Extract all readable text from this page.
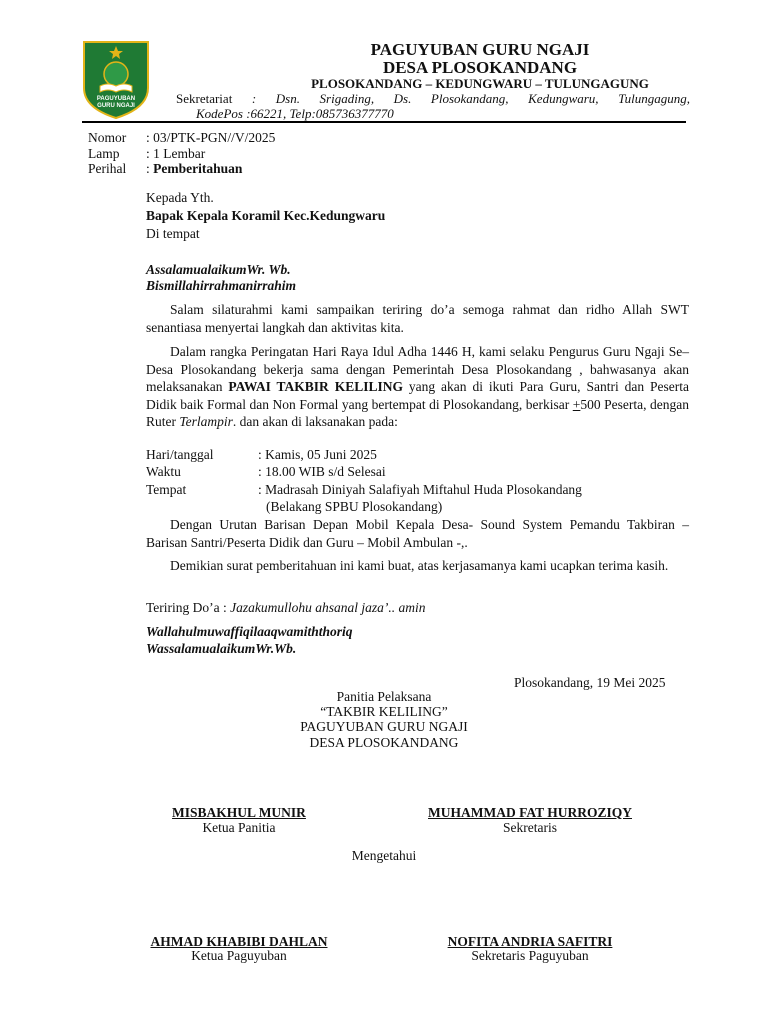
PAGUYUBAN
GURU NGAJI
PAGUYUBAN GURU NGAJI
DESA PLOSOKANDANG
PLOSOKANDANG – KEDUNGWARU – TULUNGAGUNG
Sekretariat : Dsn. Srigading, Ds. Plosokandang, Kedungwaru, Tulungagung,
KodePos :66221, Telp:085736377770
Nomor : 03/PTK-PGN//V/2025
Lamp : 1 Lembar
Perihal : Pemberitahuan
Kepada Yth.
Bapak Kepala Koramil Kec.Kedungwaru
Di tempat
AssalamualaikumWr. Wb.
Bismillahirrahmanirrahim
Salam silaturahmi kami sampaikan teriring do’a semoga rahmat dan ridho Allah SWT senantiasa menyertai langkah dan aktivitas kita.
Dalam rangka Peringatan Hari Raya Idul Adha 1446 H, kami selaku Pengurus Guru Ngaji Se–Desa Plosokandang bekerja sama dengan Pemerintah Desa Plosokandang , bahwasanya akan melaksanakan PAWAI TAKBIR KELILING yang akan di ikuti Para Guru, Santri dan Peserta Didik baik Formal dan Non Formal yang bertempat di Plosokandang, berkisar +500 Peserta, dengan Ruter Terlampir. dan akan di laksanakan pada:
Hari/tanggal	: Kamis, 05 Juni 2025
Waktu	: 18.00 WIB s/d Selesai
Tempat	: Madrasah Diniyah Salafiyah Miftahul Huda Plosokandang
(Belakang SPBU Plosokandang)
Dengan Urutan Barisan Depan Mobil Kepala Desa- Sound System Pemandu Takbiran – Barisan Santri/Peserta Didik dan Guru – Mobil Ambulan -,.
Demikian surat pemberitahuan ini kami buat, atas kerjasamanya kami ucapkan terima kasih.
Teriring Do’a : Jazakumullohu ahsanal jaza’.. amin
Wallahulmuwaffiqilaaqwamiththoriq
WassalamualaikumWr.Wb.
Plosokandang, 19 Mei 2025
Panitia Pelaksana
“TAKBIR KELILING”
PAGUYUBAN GURU NGAJI
DESA PLOSOKANDANG
MISBAKHUL MUNIR
Ketua Panitia
MUHAMMAD FAT HURROZIQY
Sekretaris
Mengetahui
AHMAD KHABIBI DAHLAN
Ketua Paguyuban
NOFITA ANDRIA SAFITRI
Sekretaris Paguyuban
